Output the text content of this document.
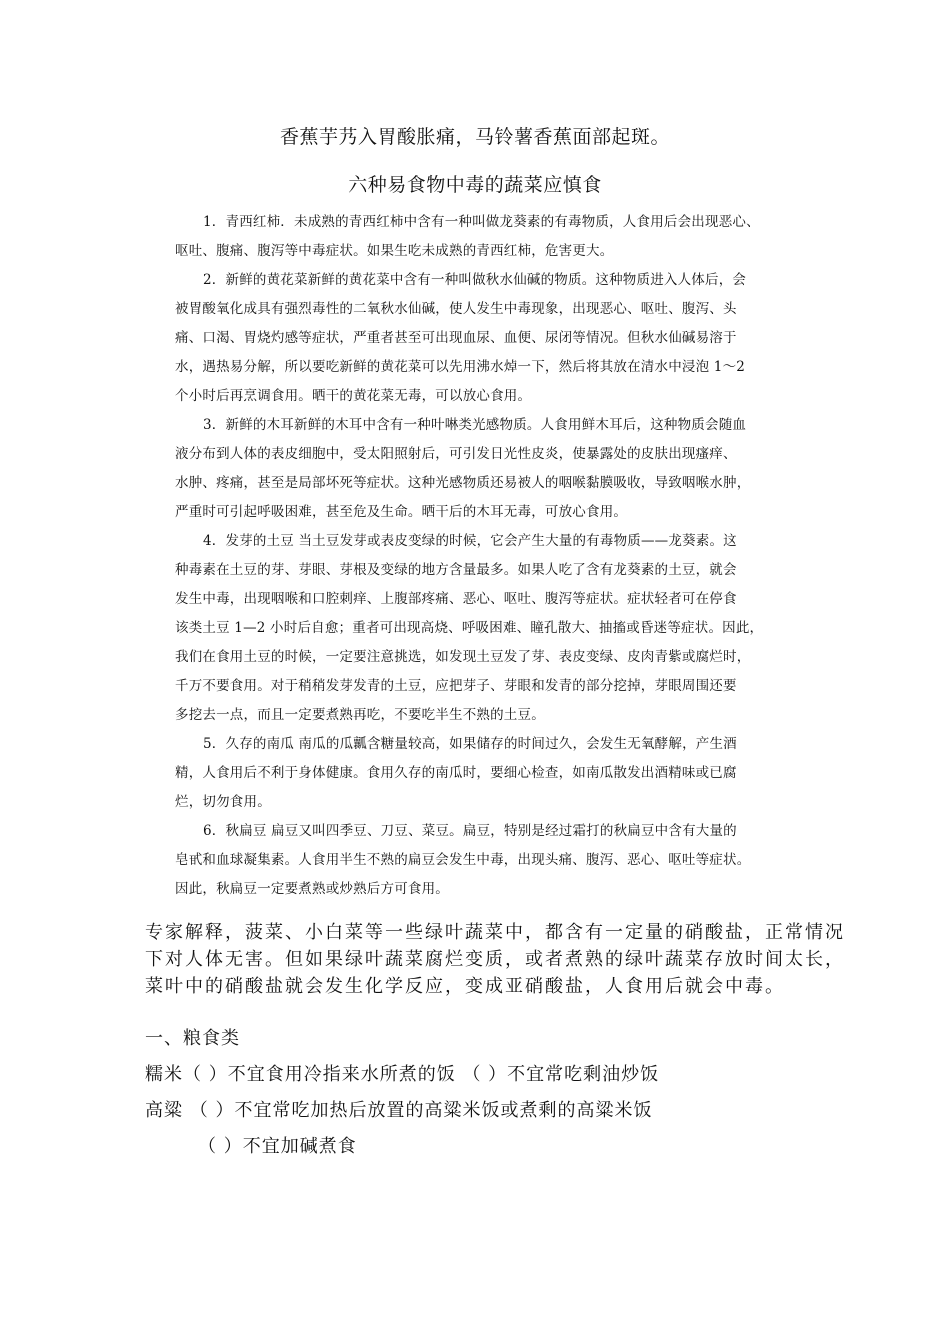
香蕉芋艿入胃酸胀痛，马铃薯香蕉面部起斑。
六种易食物中毒的蔬菜应慎食
1．青西红柿．未成熟的青西红柿中含有一种叫做龙葵素的有毒物质，人食用后会出现恶心、
呕吐、腹痛、腹泻等中毒症状。如果生吃未成熟的青西红柿，危害更大。
2．新鲜的黄花菜新鲜的黄花菜中含有一种叫做秋水仙碱的物质。这种物质进入人体后，会
被胃酸氧化成具有强烈毒性的二氧秋水仙碱，使人发生中毒现象，出现恶心、呕吐、腹泻、头
痛、口渴、胃烧灼感等症状，严重者甚至可出现血尿、血便、尿闭等情况。但秋水仙碱易溶于
水，遇热易分解，所以要吃新鲜的黄花菜可以先用沸水焯一下，然后将其放在清水中浸泡 1～2
个小时后再烹调食用。晒干的黄花菜无毒，可以放心食用。
3．新鲜的木耳新鲜的木耳中含有一种叶啉类光感物质。人食用鲜木耳后，这种物质会随血
液分布到人体的表皮细胞中，受太阳照射后，可引发日光性皮炎，使暴露处的皮肤出现瘙痒、
水肿、疼痛，甚至是局部坏死等症状。这种光感物质还易被人的咽喉黏膜吸收，导致咽喉水肿，
严重时可引起呼吸困难，甚至危及生命。晒干后的木耳无毒，可放心食用。
4．发芽的土豆 当土豆发芽或表皮变绿的时候，它会产生大量的有毒物质——龙葵素。这
种毒素在土豆的芽、芽眼、芽根及变绿的地方含量最多。如果人吃了含有龙葵素的土豆，就会
发生中毒，出现咽喉和口腔刺痒、上腹部疼痛、恶心、呕吐、腹泻等症状。症状轻者可在停食
该类土豆 1—2 小时后自愈；重者可出现高烧、呼吸困难、瞳孔散大、抽搐或昏迷等症状。因此，
我们在食用土豆的时候，一定要注意挑选，如发现土豆发了芽、表皮变绿、皮肉青紫或腐烂时，
千万不要食用。对于稍稍发芽发青的土豆，应把芽子、芽眼和发青的部分挖掉，芽眼周围还要
多挖去一点，而且一定要煮熟再吃，不要吃半生不熟的土豆。
5．久存的南瓜 南瓜的瓜瓤含糖量较高，如果储存的时间过久，会发生无氧酵解，产生酒
精，人食用后不利于身体健康。食用久存的南瓜时，要细心检查，如南瓜散发出酒精味或已腐
烂，切勿食用。
6．秋扁豆 扁豆又叫四季豆、刀豆、菜豆。扁豆，特别是经过霜打的秋扁豆中含有大量的
皂甙和血球凝集素。人食用半生不熟的扁豆会发生中毒，出现头痛、腹泻、恶心、呕吐等症状。
因此，秋扁豆一定要煮熟或炒熟后方可食用。
专家解释，菠菜、小白菜等一些绿叶蔬菜中，都含有一定量的硝酸盐，正常情况
下对人体无害。但如果绿叶蔬菜腐烂变质，或者煮熟的绿叶蔬菜存放时间太长，
菜叶中的硝酸盐就会发生化学反应，变成亚硝酸盐，人食用后就会中毒。
一、粮食类
糯米（ ）不宜食用冷指来水所煮的饭 （ ）不宜常吃剩油炒饭
高粱 （ ）不宜常吃加热后放置的高粱米饭或煮剩的高粱米饭
（ ）不宜加碱煮食
